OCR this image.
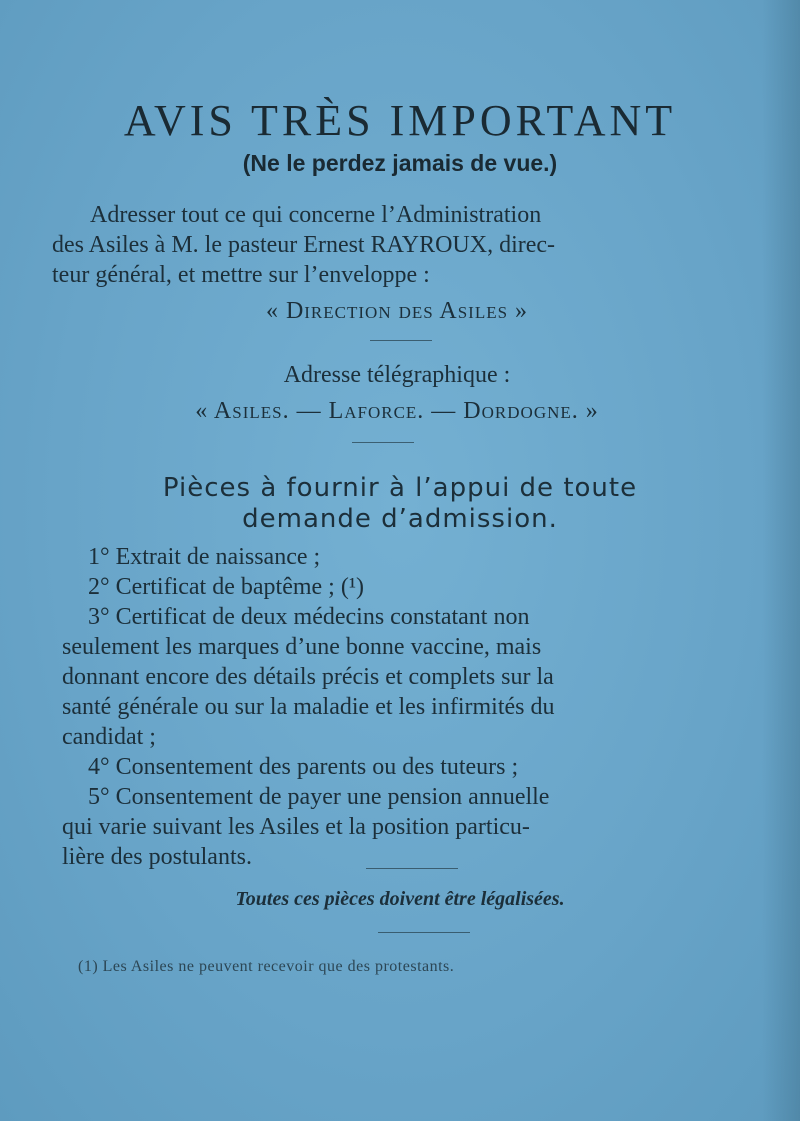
AVIS TRÈS IMPORTANT
(Ne le perdez jamais de vue.)
Adresser tout ce qui concerne l’Administration
des Asiles à M. le pasteur Ernest RAYROUX, direc-
teur général, et mettre sur l’enveloppe :
« Direction des Asiles »
Adresse télégraphique :
« Asiles. — Laforce. — Dordogne. »
Pièces à fournir à l’appui de toute
demande d’admission.
1° Extrait de naissance ;
2° Certificat de baptême ; (¹)
3° Certificat de deux médecins constatant non
seulement les marques d’une bonne vaccine, mais
donnant encore des détails précis et complets sur la
santé générale ou sur la maladie et les infirmités du
candidat ;
4° Consentement des parents ou des tuteurs ;
5° Consentement de payer une pension annuelle
qui varie suivant les Asiles et la position particu-
lière des postulants.
Toutes ces pièces doivent être légalisées.
(1) Les Asiles ne peuvent recevoir que des protestants.
